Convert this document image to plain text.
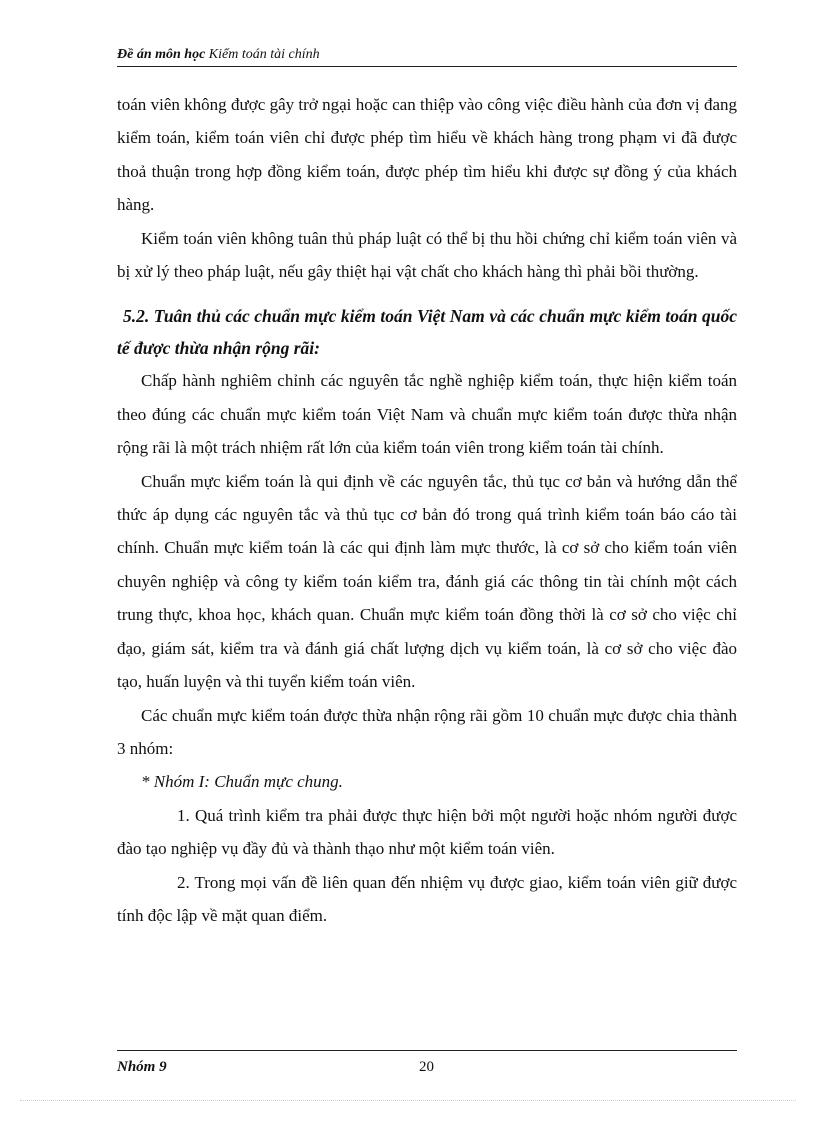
Đề án môn học Kiểm toán tài chính

toán viên không được gây trở ngại hoặc can thiệp vào công việc điều hành của đơn vị đang kiểm toán, kiểm toán viên chỉ được phép tìm hiểu về khách hàng trong phạm vi đã được thoả thuận trong hợp đồng kiểm toán, được phép tìm hiểu khi được sự đồng ý của khách hàng.

Kiểm toán viên không tuân thủ pháp luật có thể bị thu hồi chứng chỉ kiểm toán viên và bị xử lý theo pháp luật, nếu gây thiệt hại vật chất cho khách hàng thì phải bồi thường.

5.2. Tuân thủ các chuẩn mực kiểm toán Việt Nam và các chuẩn mực kiểm toán quốc tế được thừa nhận rộng rãi:

Chấp hành nghiêm chỉnh các nguyên tắc nghề nghiệp kiểm toán, thực hiện kiểm toán theo đúng các chuẩn mực kiểm toán Việt Nam và chuẩn mực kiểm toán được thừa nhận rộng rãi là một trách nhiệm rất lớn của kiểm toán viên trong kiểm toán tài chính.

Chuẩn mực kiểm toán là qui định về các nguyên tắc, thủ tục cơ bản và hướng dẫn thể thức áp dụng các nguyên tắc và thủ tục cơ bản đó trong quá trình kiểm toán báo cáo tài chính. Chuẩn mực kiểm toán là các qui định làm mực thước, là cơ sở cho kiểm toán viên chuyên nghiệp và công ty kiểm toán kiểm tra, đánh giá các thông tin tài chính một cách trung thực, khoa học, khách quan. Chuẩn mực kiểm toán đồng thời là cơ sở cho việc chỉ đạo, giám sát, kiểm tra và đánh giá chất lượng dịch vụ kiểm toán, là cơ sở cho việc đào tạo, huấn luyện và thi tuyển kiểm toán viên.

Các chuẩn mực kiểm toán được thừa nhận rộng rãi gồm 10 chuẩn mực được chia thành 3 nhóm:

* Nhóm I: Chuẩn mực chung.

1. Quá trình kiểm tra phải được thực hiện bởi một người hoặc nhóm người được đào tạo nghiệp vụ đầy đủ và thành thạo như một kiểm toán viên.

2. Trong mọi vấn đề liên quan đến nhiệm vụ được giao, kiểm toán viên giữ được tính độc lập về mặt quan điểm.

Nhóm 9	20
